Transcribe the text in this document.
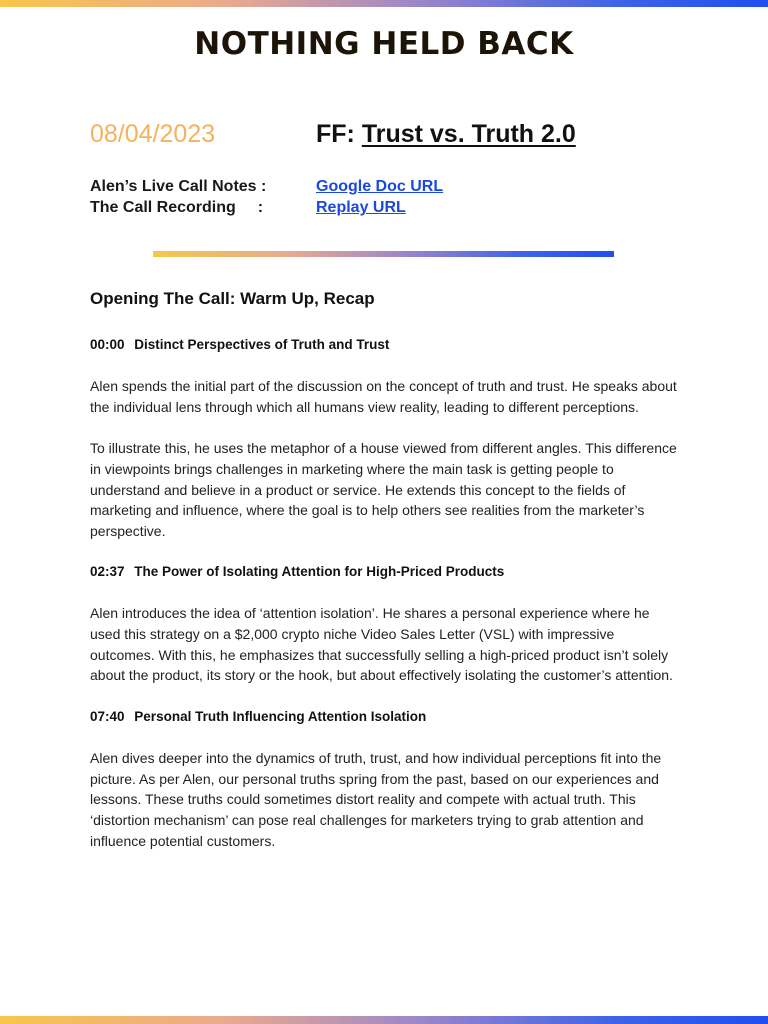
NOTHING HELD BACK
08/04/2023	FF: Trust vs. Truth 2.0
Alen’s Live Call Notes :	Google Doc URL
The Call Recording :	Replay URL
Opening The Call: Warm Up, Recap
00:00 Distinct Perspectives of Truth and Trust
Alen spends the initial part of the discussion on the concept of truth and trust. He speaks about the individual lens through which all humans view reality, leading to different perceptions.
To illustrate this, he uses the metaphor of a house viewed from different angles. This difference in viewpoints brings challenges in marketing where the main task is getting people to understand and believe in a product or service. He extends this concept to the fields of marketing and influence, where the goal is to help others see realities from the marketer’s perspective.
02:37 The Power of Isolating Attention for High-Priced Products
Alen introduces the idea of ‘attention isolation’. He shares a personal experience where he used this strategy on a $2,000 crypto niche Video Sales Letter (VSL) with impressive outcomes. With this, he emphasizes that successfully selling a high-priced product isn’t solely about the product, its story or the hook, but about effectively isolating the customer’s attention.
07:40 Personal Truth Influencing Attention Isolation
Alen dives deeper into the dynamics of truth, trust, and how individual perceptions fit into the picture. As per Alen, our personal truths spring from the past, based on our experiences and lessons. These truths could sometimes distort reality and compete with actual truth. This ‘distortion mechanism’ can pose real challenges for marketers trying to grab attention and influence potential customers.
